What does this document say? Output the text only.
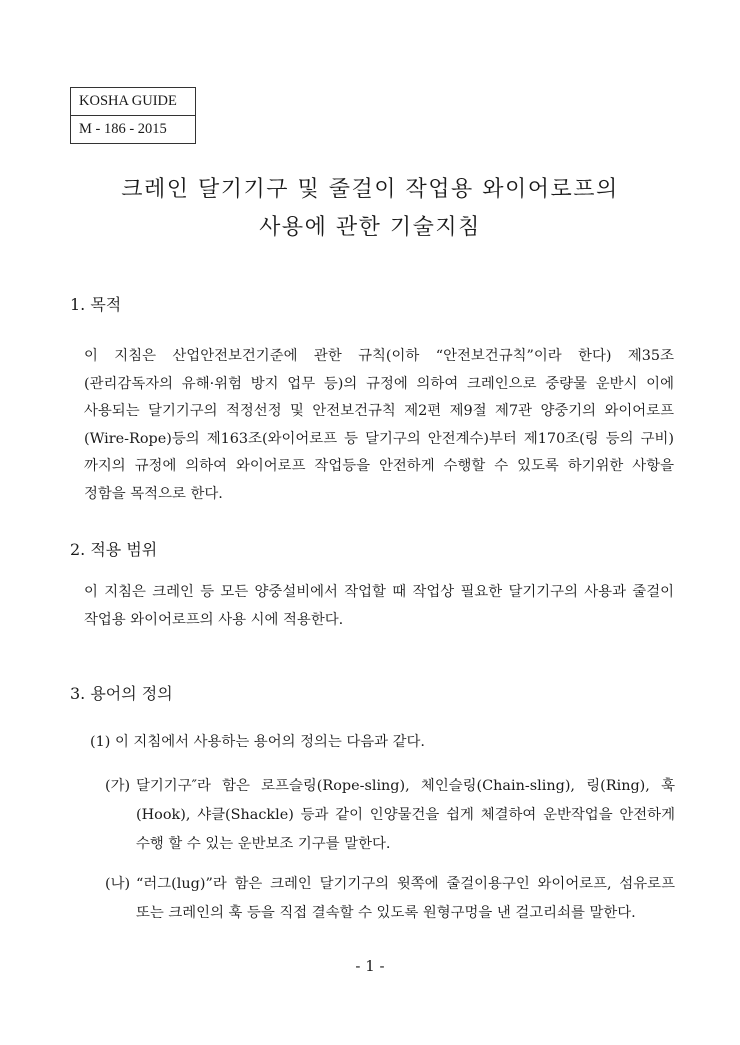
KOSHA GUIDE
M - 186 - 2015
크레인 달기기구 및 줄걸이 작업용 와이어로프의
사용에 관한 기술지침
1. 목적
이 지침은 산업안전보건기준에 관한 규칙(이하 “안전보건규칙”이라 한다) 제35조(관리감독자의 유해·위험 방지 업무 등)의 규정에 의하여 크레인으로 중량물 운반시 이에 사용되는 달기기구의 적정선정 및 안전보건규칙 제2편 제9절 제7관 양중기의 와이어로프(Wire-Rope)등의 제163조(와이어로프 등 달기구의 안전계수)부터 제170조(링 등의 구비)까지의 규정에 의하여 와이어로프 작업등을 안전하게 수행할 수 있도록 하기위한 사항을 정함을 목적으로 한다.
2. 적용 범위
이 지침은 크레인 등 모든 양중설비에서 작업할 때 작업상 필요한 달기기구의 사용과 줄걸이 작업용 와이어로프의 사용 시에 적용한다.
3. 용어의 정의
(1) 이 지침에서 사용하는 용어의 정의는 다음과 같다.
(가) 달기기구″라 함은 로프슬링(Rope-sling), 체인슬링(Chain-sling), 링(Ring), 훅(Hook), 샤클(Shackle) 등과 같이 인양물건을 쉽게 체결하여 운반작업을 안전하게 수행 할 수 있는 운반보조 기구를 말한다.
(나) “러그(lug)”라 함은 크레인 달기기구의 윗쪽에 줄걸이용구인 와이어로프, 섬유로프 또는 크레인의 훅 등을 직접 결속할 수 있도록 원형구멍을 낸 걸고리쇠를 말한다.
- 1 -
